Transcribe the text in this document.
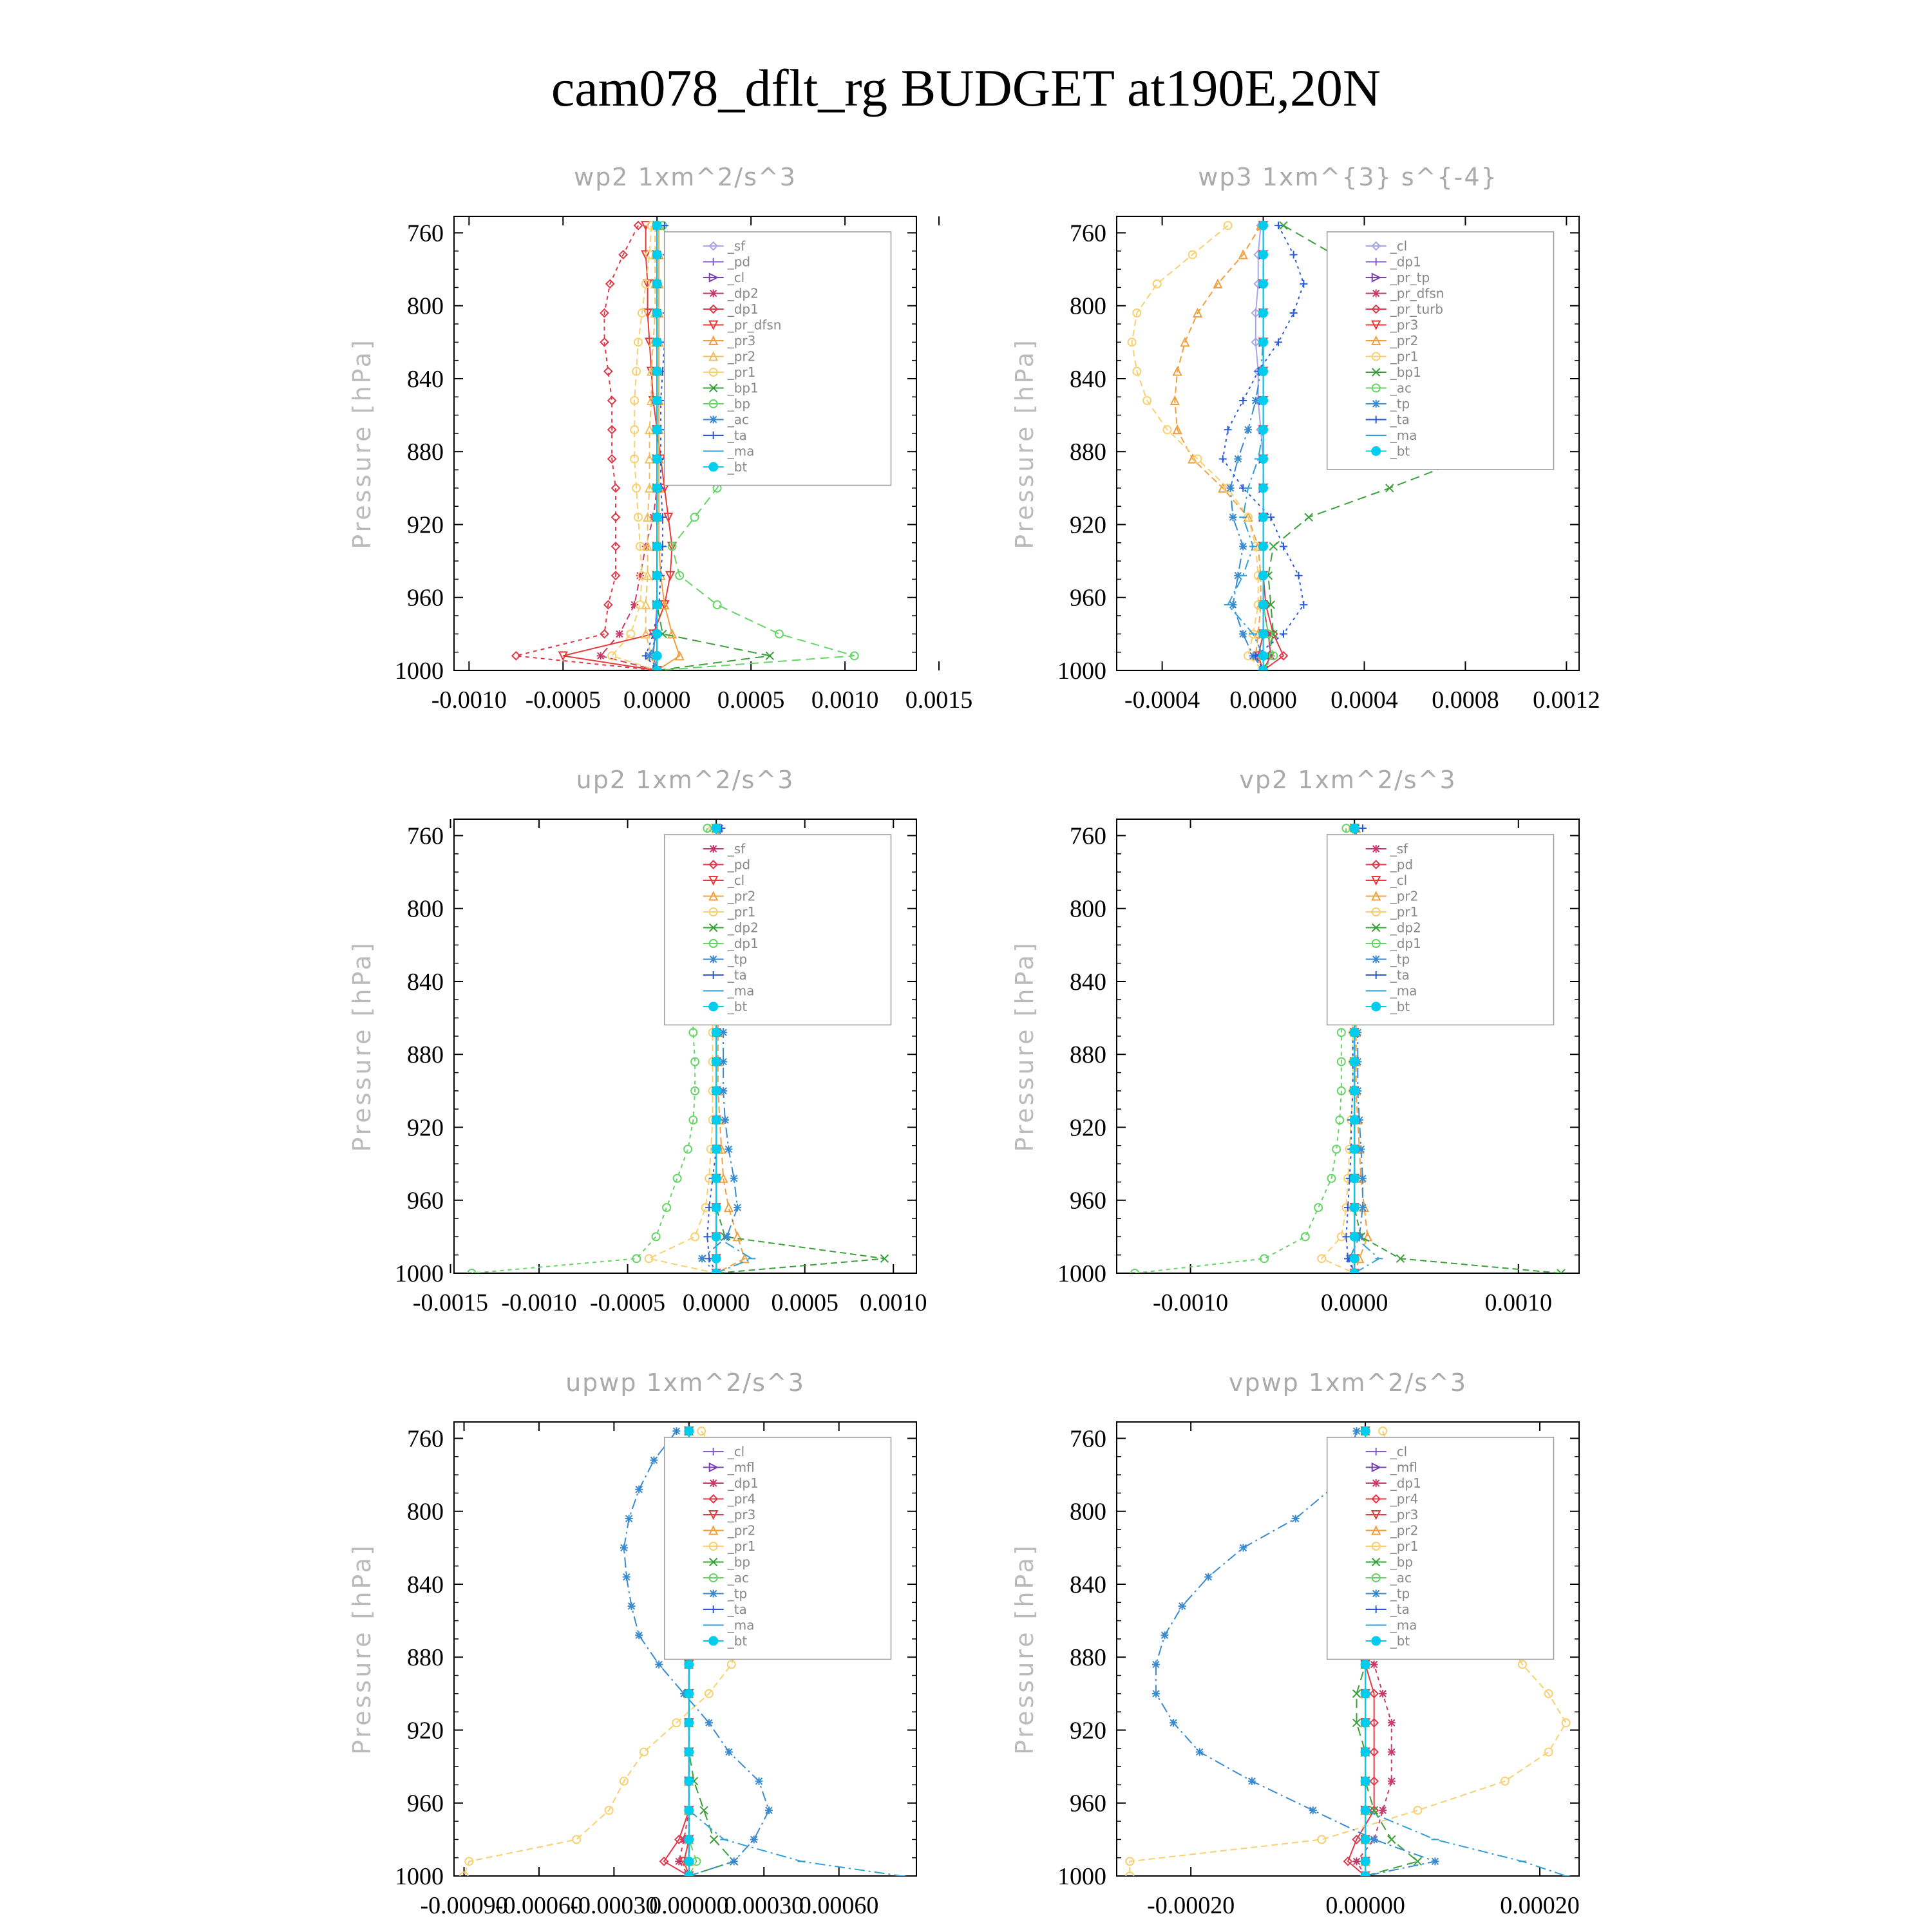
cam078_dflt_rg BUDGET at190E,20N
wp2 1xm^2/s^3
Pressure [hPa]
760
800
840
880
920
960
1000
-0.0010 -0.0005 0.0000 0.0005 0.0010 0.0015
_sf
_pd
_cl
_dp2
_dp1
_pr_dfsn
_pr3
_pr2
_pr1
_bp1
_bp
_ac
_ta
_ma
_bt
wp3 1xm^{3} s^{-4}
Pressure [hPa]
760
800
840
880
920
960
1000
-0.0004 0.0000 0.0004 0.0008 0.0012
_cl
_dp1
_pr_tp
_pr_dfsn
_pr_turb
_pr3
_pr2
_pr1
_bp1
_ac
_tp
_ta
_ma
_bt
up2 1xm^2/s^3
Pressure [hPa]
760
800
840
880
920
960
1000
-0.0015 -0.0010 -0.0005 0.0000 0.0005 0.0010
_sf
_pd
_cl
_pr2
_pr1
_dp2
_dp1
_tp
_ta
_ma
_bt
vp2 1xm^2/s^3
Pressure [hPa]
760
800
840
880
920
960
1000
-0.0010	0.0000	0.0010
_sf
_pd
_cl
_pr2
_pr1
_dp2
_dp1
_tp
_ta
_ma
_bt
upwp 1xm^2/s^3
Pressure [hPa]
760
800
840
880
920
960
1000
-0.00090
-0.00060
-0.00030
0.00000
0.00030
0.00060
_cl
_mfl
_dp1
_pr4
_pr3
_pr2
_pr1
_bp
_ac
_tp
_ta
_ma
_bt
vpwp 1xm^2/s^3
Pressure [hPa]
760
800
840
880
920
960
1000
-0.00020	0.00000	0.00020
_cl
_mfl
_dp1
_pr4
_pr3
_pr2
_pr1
_bp
_ac
_tp
_ta
_ma
_bt
